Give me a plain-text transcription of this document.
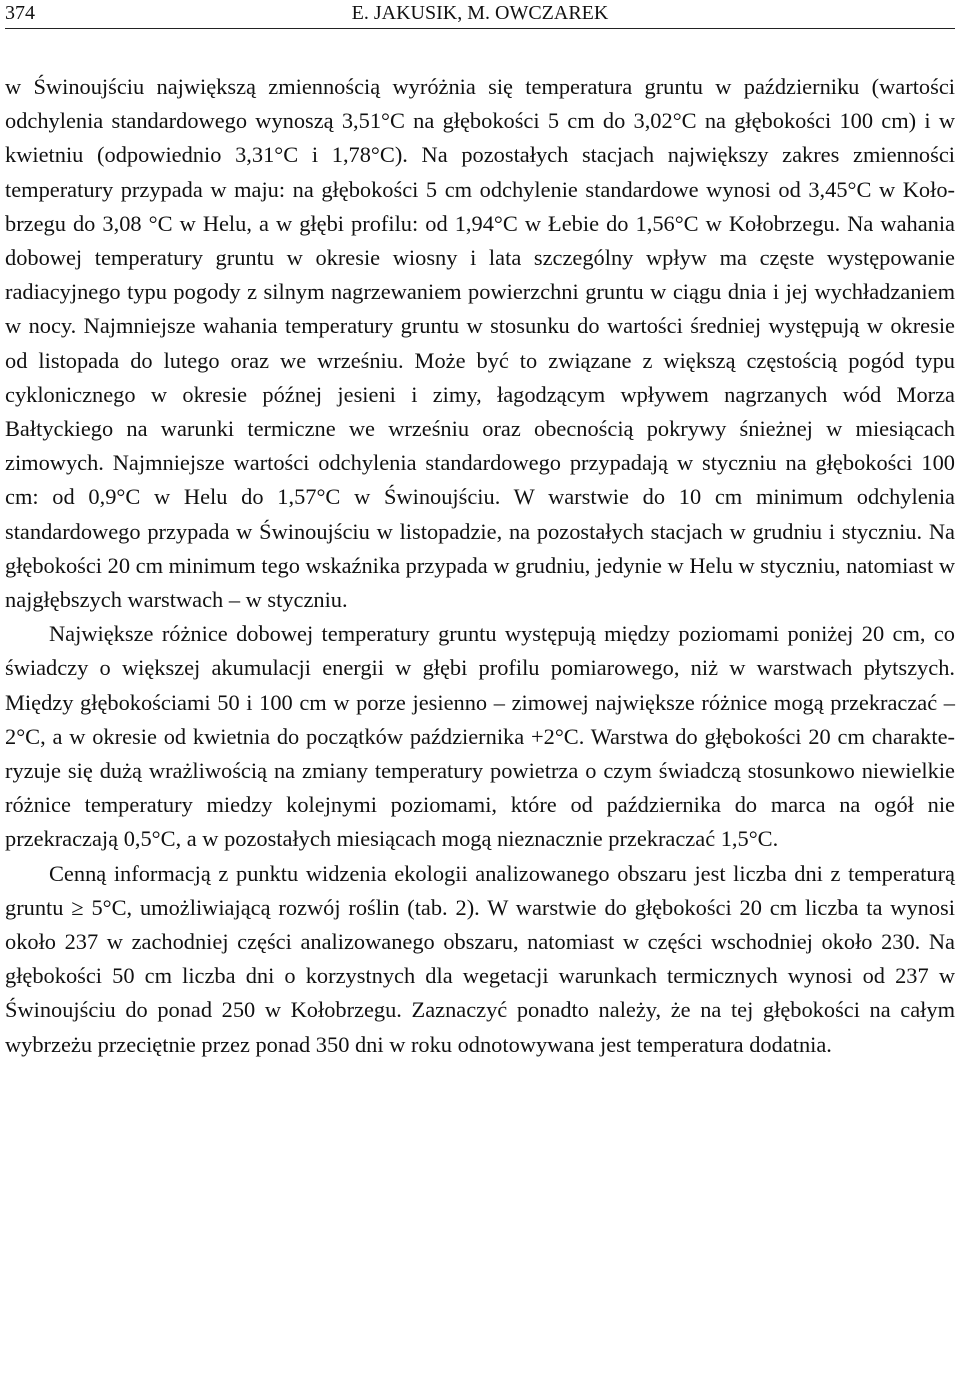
374	E. JAKUSIK, M. OWCZAREK

w Świnoujściu największą zmiennością wyróżnia się temperatura gruntu w październiku (wartości odchylenia standardowego wynoszą 3,51°C na głębokości 5 cm do 3,02°C na głębokości 100 cm) i w kwietniu (odpowiednio 3,31°C i 1,78°C). Na pozostałych stacjach największy zakres zmienności temperatury przypada w maju: na głębokości 5 cm odchylenie standardowe wynosi od 3,45°C w Kołobrzegu do 3,08 °C w Helu, a w głębi profilu: od 1,94°C w Łebie do 1,56°C w Kołobrzegu. Na wahania dobowej temperatury gruntu w okresie wiosny i lata szczególny wpływ ma częste występowanie radiacyjnego typu pogody z silnym nagrzewaniem powierzchni gruntu w ciągu dnia i jej wychładzaniem w nocy. Najmniejsze wahania temperatury gruntu w stosunku do wartości średniej występują w okresie od listopada do lutego oraz we wrześniu. Może być to związane z większą częstością pogód typu cyklonicznego w okresie późnej jesieni i zimy, łagodzącym wpływem nagrzanych wód Morza Bałtyckiego na warunki termiczne we wrześniu oraz obecnością pokrywy śnieżnej w miesiącach zimowych. Najmniejsze wartości odchylenia standardowego przypadają w styczniu na głębokości 100 cm: od 0,9°C w Helu do 1,57°C w Świnoujściu. W warstwie do 10 cm minimum odchylenia standardowego przypada w Świnoujściu w listopadzie, na pozostałych stacjach w grudniu i styczniu. Na głębokości 20 cm minimum tego wskaźnika przypada w grudniu, jedynie w Helu w styczniu, natomiast w najgłębszych warstwach – w styczniu.

Największe różnice dobowej temperatury gruntu występują między poziomami poniżej 20 cm, co świadczy o większej akumulacji energii w głębi profilu pomiarowego, niż w warstwach płytszych. Między głębokościami 50 i 100 cm w porze jesienno – zimowej największe różnice mogą przekraczać –2°C, a w okresie od kwietnia do początków października +2°C. Warstwa do głębokości 20 cm charakteryzuje się dużą wrażliwością na zmiany temperatury powietrza o czym świadczą stosunkowo niewielkie różnice temperatury miedzy kolejnymi poziomami, które od października do marca na ogół nie przekraczają 0,5°C, a w pozostałych miesiącach mogą nieznacznie przekraczać 1,5°C.

Cenną informacją z punktu widzenia ekologii analizowanego obszaru jest liczba dni z temperaturą gruntu ≥ 5°C, umożliwiającą rozwój roślin (tab. 2). W warstwie do głębokości 20 cm liczba ta wynosi około 237 w zachodniej części analizowanego obszaru, natomiast w części wschodniej około 230. Na głębokości 50 cm liczba dni o korzystnych dla wegetacji warunkach termicznych wynosi od 237 w Świnoujściu do ponad 250 w Kołobrzegu. Zaznaczyć ponadto należy, że na tej głębokości na całym wybrzeżu przeciętnie przez ponad 350 dni w roku odnotowywana jest temperatura dodatnia.
